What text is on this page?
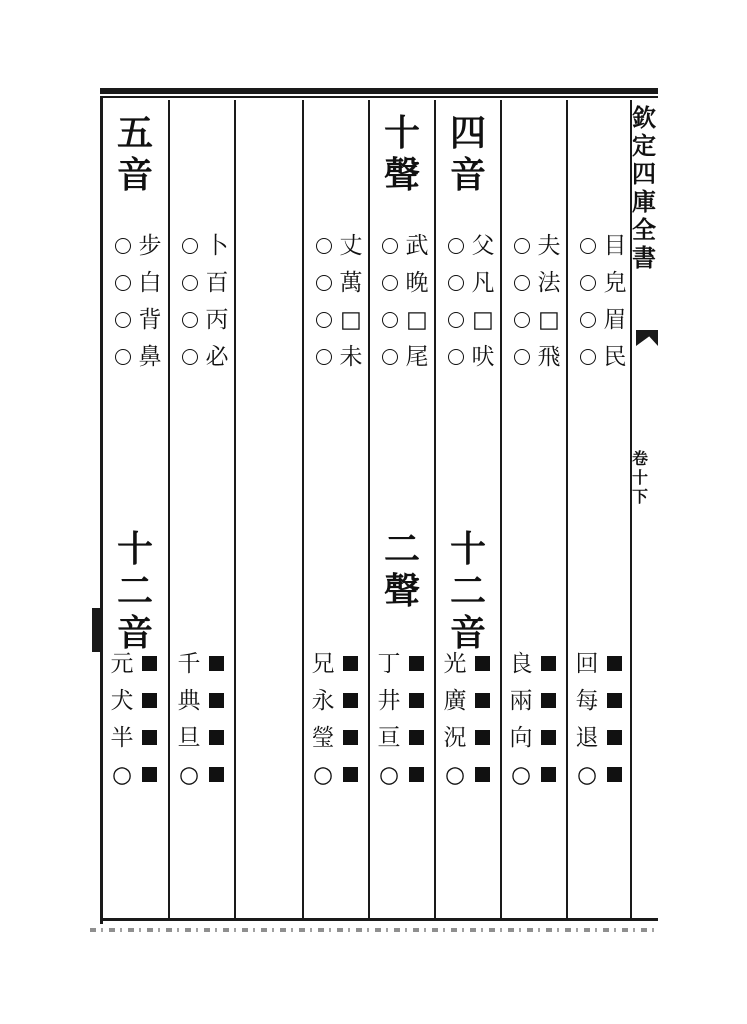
欽
定
四
庫
全
書
卷
十
下
五
音
十
二
音
步
白
背
鼻
元
犬
半
○
卜
百
丙
必
千
典
旦
○
丈
萬
□
未
兄
永
瑩
○
十
聲
二
聲
武
晚
□
尾
丁
井
亘
○
四
音
十
二
音
父
凡
□
吠
光
廣
況
○
夫
法
□
飛
良
兩
向
○
目
皃
眉
民
回
每
退
○
